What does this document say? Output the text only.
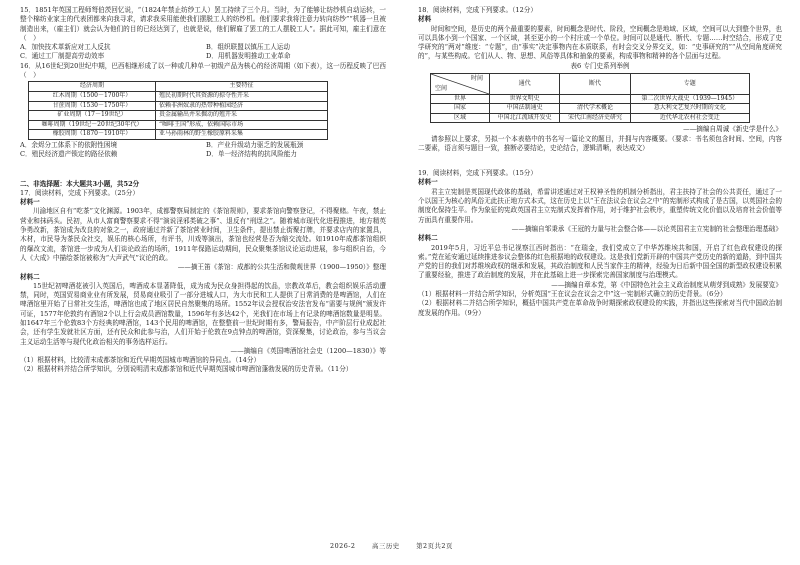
15．1851年英国工程师弩伯茨回忆说，“（1824年禁止纺纱工人）罢工持续了三个月。当时，为了能够让纺纱机自动运转，一整个棉纺业家主的代表团都来向我寻求，请求我采用能使我们摆脱工人的纺纱机。他们要求我将注意力转向纺纱”“机器一旦被制造出来，（雇主们）就会认为他们的目的已经达到了，也就是说，他们解雇了罢工的工人摆脱工人”。据此可知，雇主们意在（　）

A．加快技术革新应对工人反抗	B．组织联盟以镇压工人运动
C．通过工厂制提高劳动效率	D．用机器发明推动工业革命

16．从16世纪到20世纪中期，巴西相继形成了以一种或几种单一初级产品为核心的经济周期（如下表），这一历程反映了巴西（　）

经济周期	主要特征
红木周期（1500－1700年）	殖民初期时代其资源的掠夺性开采
甘蔗周期（1530－1750年）	依赖非洲奴隶的热带种植园经济
矿业周期（17－19世纪）	贵金属输出并采掘动的殖开采
咖啡周期（19世纪－20世纪30年代）	“咖啡王国”形成，依赖国际市场
橡胶周期（1870－1910年）	亚马孙雨林的野生橡胶原料采集
A．余烬分工体系下的依附性困境	B．产业升级动力驱乏的发展瓶颈
C．殖民经济遗产锁定的路径依赖	D．单一经济结构的抗风险能力

二、非选择题：本大题共3小题，共52分

17．阅读材料，完成下列要求。（25分）

材料一

川渝地区自有“吃茶”文化渊源。1903年，成都警察局制定的《茶馆规则》，要求茶馆向警察登记，不得聚赌。午夜，禁止营业和抹码头。民初，从市人富商警察要求不得“演说淫邪类破之事”、退反有“刑逞之”。随着城市现代化进程推进，地方精英争勇改新，茶馆成为改良的对象之一，政府通过并新了茶馆营业时间，卫生条件，提出禁止街聚打牌，并要求店内的家置具，木材，市民导为茶民众社交，娱乐的核心场所，有评书，川戏等演出，茶馆也经营是否为缩交流处。如1910年成都茶馆组织的爆改文流，茶馆进一步成为人们谈论政治的场所，1911年保路运动期间，民众聚集茶馆议论运动进展，参与组织自治，今人《大成》中描绘茶馆被称为“大声武气”议论的政。

——摘王笛《茶馆：成都的公共生活和微观世界（1900—1950）》整理

材料二

15世纪初啤酒花被引入英国后，啤酒成本显著降低，成为成为民众身担得起的饮品，宗教改革后，教会组织娱乐活动遭禁，同时，英国贸易商业业有所发展，贸易商业吸引了一部分进城人口，为大市民和工人提供了日常消费的是啤酒馆，人们在啤酒馆里开始了日常社交生活，啤酒馆也成了地区居民自然聚集的场所。1552年议会授权治安法官发布“需要与规例”颁发许可证，1577年伦敦约有酒馆2个以上行会成员酒馆数量，1596年有多达42个，光我们在市场上有记录的啤酒馆数量是明显。如1647年三个伦敦83个方经典的啤酒馆，143个民用的啤酒馆，在整整前一世纪时期有多，警局报告，中产阶层行业成起社会，还有学生发就社区方面，还有民众和此参与治，人们开始于伦敦在9点钟点的啤酒馆，资深聚集，讨论政治，参与当议会主义运动生活等与现代化政治相关的事务选样运行。

——摘编自《英国啤酒馆社会史（1200—1830）》等

（1）根据材料，比较清末成都茶馆和近代早期英国城市啤酒馆的异同点。（14分）

（2）根据材料并结合所学知识，分别说明清末成都茶馆和近代早期英国城市啤酒馆蓬勃发展的历史背景。（11分）

18．阅读材料，完成下列要求。（12分）

材料

时间和空间，是历史的两个最重要的要素，时间概念是时代、阶段，空间概念是地域、区域，空间可以大到整个世界，也可以具体小到一个国家、一个区域，甚至更小的一个村庄或一个单位。时间可以是通代、断代、专题……时空结合，形成了史学研究的“两对”维度：“专题”，由“事实”决定事物内在本质联系，有时会交叉分界交叉，如：“史事研究的”“从空间角度研究的”，与某些构成。它们从人、物、思想、风俗等具体和抽象的要素，构成事物和精神的各个层面与过程。

表6 专门史系列举例

时间
空间	通代	断代	专题
世界	世界文明史		第二次世界大战史（1939—1945）
国家	中国法制通史	清代学术概论	意大利文艺复兴时期的文化
区域	中国北江流域开发史	宋代江南经济史研究	近代华北农村社会变迁

——摘编自周诚《新史学是什么》

请参照以上要求，另拟一个本表格中的书名写一篇论文的题目，并拥与内容概要。（要求：书名须包含时间、空间，内容二要素，语言须与题目一致，推断必要结论，史论结合，逻辑清晰，表达成文）

19．阅读材料，完成下列要求。（15分）

材料一

君主立宪制是英国现代政体的基础，希雷讲述通过对王权神圣性的机制分析指出，君主扶持了社会的公共责任，通过了一个以国王为核心的风俗无此扶正地方式本式，这在历史上以“王在法议会在议会之中”的宪制形式构成了是古国，以英国社会的制度化保持生平。作为象征的宪政英国君主立宪制式发挥着作用，对于维护社会秩序，重塑传统文化价值以及培育社会价值等方面具有重要作用。

——摘编自邹秉承《王冠的力量与社会整合体——以论英国君主立宪制的社会整理治理基础》

材料二

2019年5月，习近平总书记视察江西时指出：“在瑞金，我们党成立了中华苏维埃共和国，开启了红色政权建设的探索。”党在延安通过延续推进参议会整体的红色根据地的政权建设。这是我们党新开辟的中国共产党历史的新的道路，到中国共产党的目的我们对苏维埃政权的继承和发展，其政治制度和人民当家作主的精神，经验为日后新中国全国的新型政权建设积累了重要经验，推进了政治制度的发展，并在此基础上进一步探索完善国家制度与治理模式。

——摘编自章本党，第《中国特色社会主义政治制度从萌芽到成熟》发展要览》

（1）根据材料一并结合所学知识，分析英国“王在议会在议会之中”这一宪制形式确立的历史背景。（6分）

（2）根据材料二并结合所学知识，概括中国共产党在革命战争时期探索政权建设的实践，并指出这些探索对当代中国政治制度发展的作用。（9分）

2026-2	高三历史	第2页共2页
